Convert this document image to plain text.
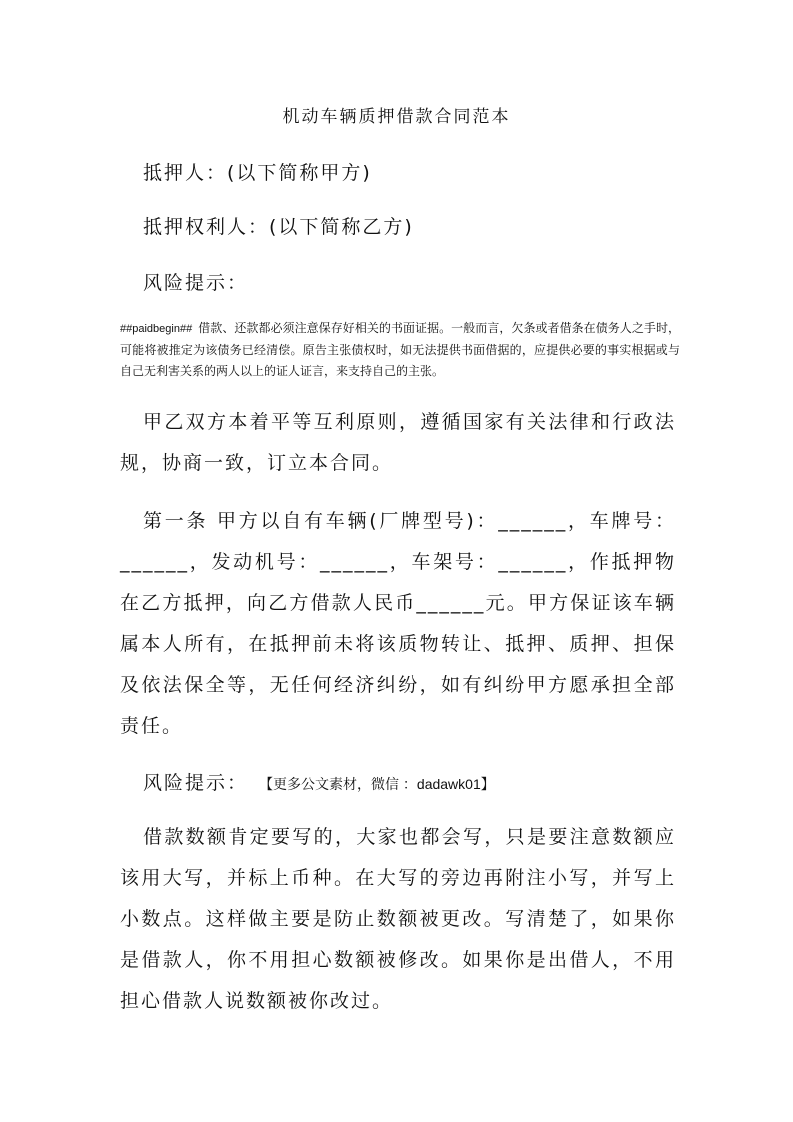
机动车辆质押借款合同范本
抵押人：(以下简称甲方)
抵押权利人：(以下简称乙方)
风险提示：
##paidbegin## 借款、还款都必须注意保存好相关的书面证据。一般而言，欠条或者借条在债务人之手时，可能将被推定为该债务已经清偿。原告主张债权时，如无法提供书面借据的，应提供必要的事实根据或与自己无利害关系的两人以上的证人证言，来支持自己的主张。
甲乙双方本着平等互利原则，遵循国家有关法律和行政法规，协商一致，订立本合同。
第一条 甲方以自有车辆(厂牌型号)：______，车牌号：______，发动机号：______，车架号：______，作抵押物在乙方抵押，向乙方借款人民币______元。甲方保证该车辆属本人所有，在抵押前未将该质物转让、抵押、质押、担保及依法保全等，无任何经济纠纷，如有纠纷甲方愿承担全部责任。
风险提示： 【更多公文素材，微信 ：dadawk01】
借款数额肯定要写的，大家也都会写，只是要注意数额应该用大写，并标上币种。在大写的旁边再附注小写，并写上小数点。这样做主要是防止数额被更改。写清楚了，如果你是借款人，你不用担心数额被修改。如果你是出借人，不用担心借款人说数额被你改过。
